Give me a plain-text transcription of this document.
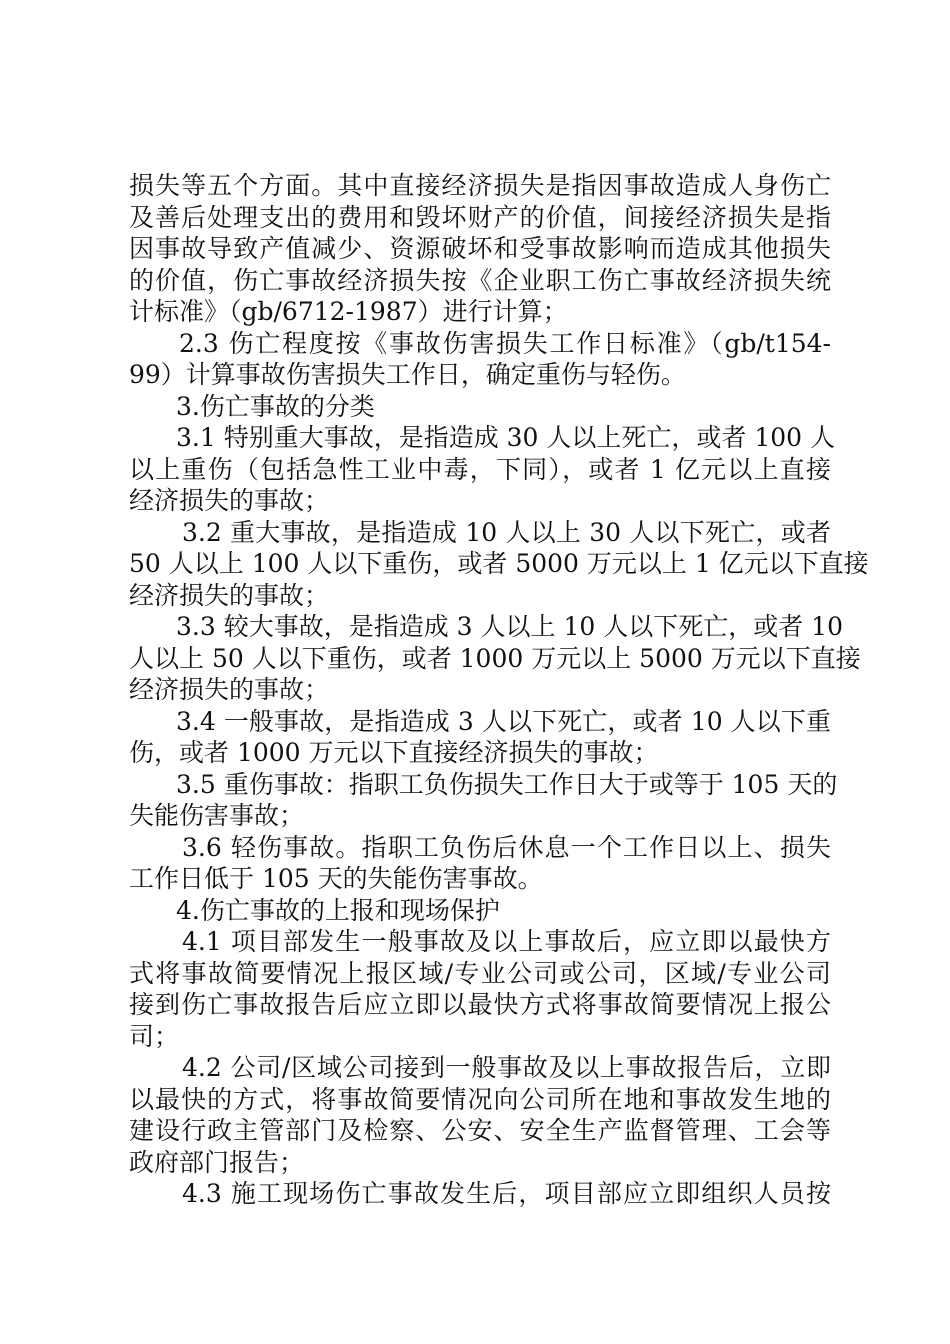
损失等五个方面。其中直接经济损失是指因事故造成人身伤亡
及善后处理支出的费用和毁坏财产的价值，间接经济损失是指
因事故导致产值减少、资源破坏和受事故影响而造成其他损失
的价值，伤亡事故经济损失按《企业职工伤亡事故经济损失统
计标准》（gb/6712-1987）进行计算；
2.3 伤亡程度按《事故伤害损失工作日标准》（gb/t154-
99）计算事故伤害损失工作日，确定重伤与轻伤。
3.伤亡事故的分类
3.1 特别重大事故，是指造成 30 人以上死亡，或者 100 人
以上重伤（包括急性工业中毒，下同），或者 1 亿元以上直接
经济损失的事故；
3.2 重大事故，是指造成 10 人以上 30 人以下死亡，或者
50 人以上 100 人以下重伤，或者 5000 万元以上 1 亿元以下直接
经济损失的事故；
3.3 较大事故，是指造成 3 人以上 10 人以下死亡，或者 10
人以上 50 人以下重伤，或者 1000 万元以上 5000 万元以下直接
经济损失的事故；
3.4 一般事故，是指造成 3 人以下死亡，或者 10 人以下重
伤，或者 1000 万元以下直接经济损失的事故；
3.5 重伤事故：指职工负伤损失工作日大于或等于 105 天的
失能伤害事故；
3.6 轻伤事故。指职工负伤后休息一个工作日以上、损失
工作日低于 105 天的失能伤害事故。
4.伤亡事故的上报和现场保护
4.1 项目部发生一般事故及以上事故后，应立即以最快方
式将事故简要情况上报区域/专业公司或公司，区域/专业公司
接到伤亡事故报告后应立即以最快方式将事故简要情况上报公
司；
4.2 公司/区域公司接到一般事故及以上事故报告后，立即
以最快的方式，将事故简要情况向公司所在地和事故发生地的
建设行政主管部门及检察、公安、安全生产监督管理、工会等
政府部门报告；
4.3 施工现场伤亡事故发生后，项目部应立即组织人员按
